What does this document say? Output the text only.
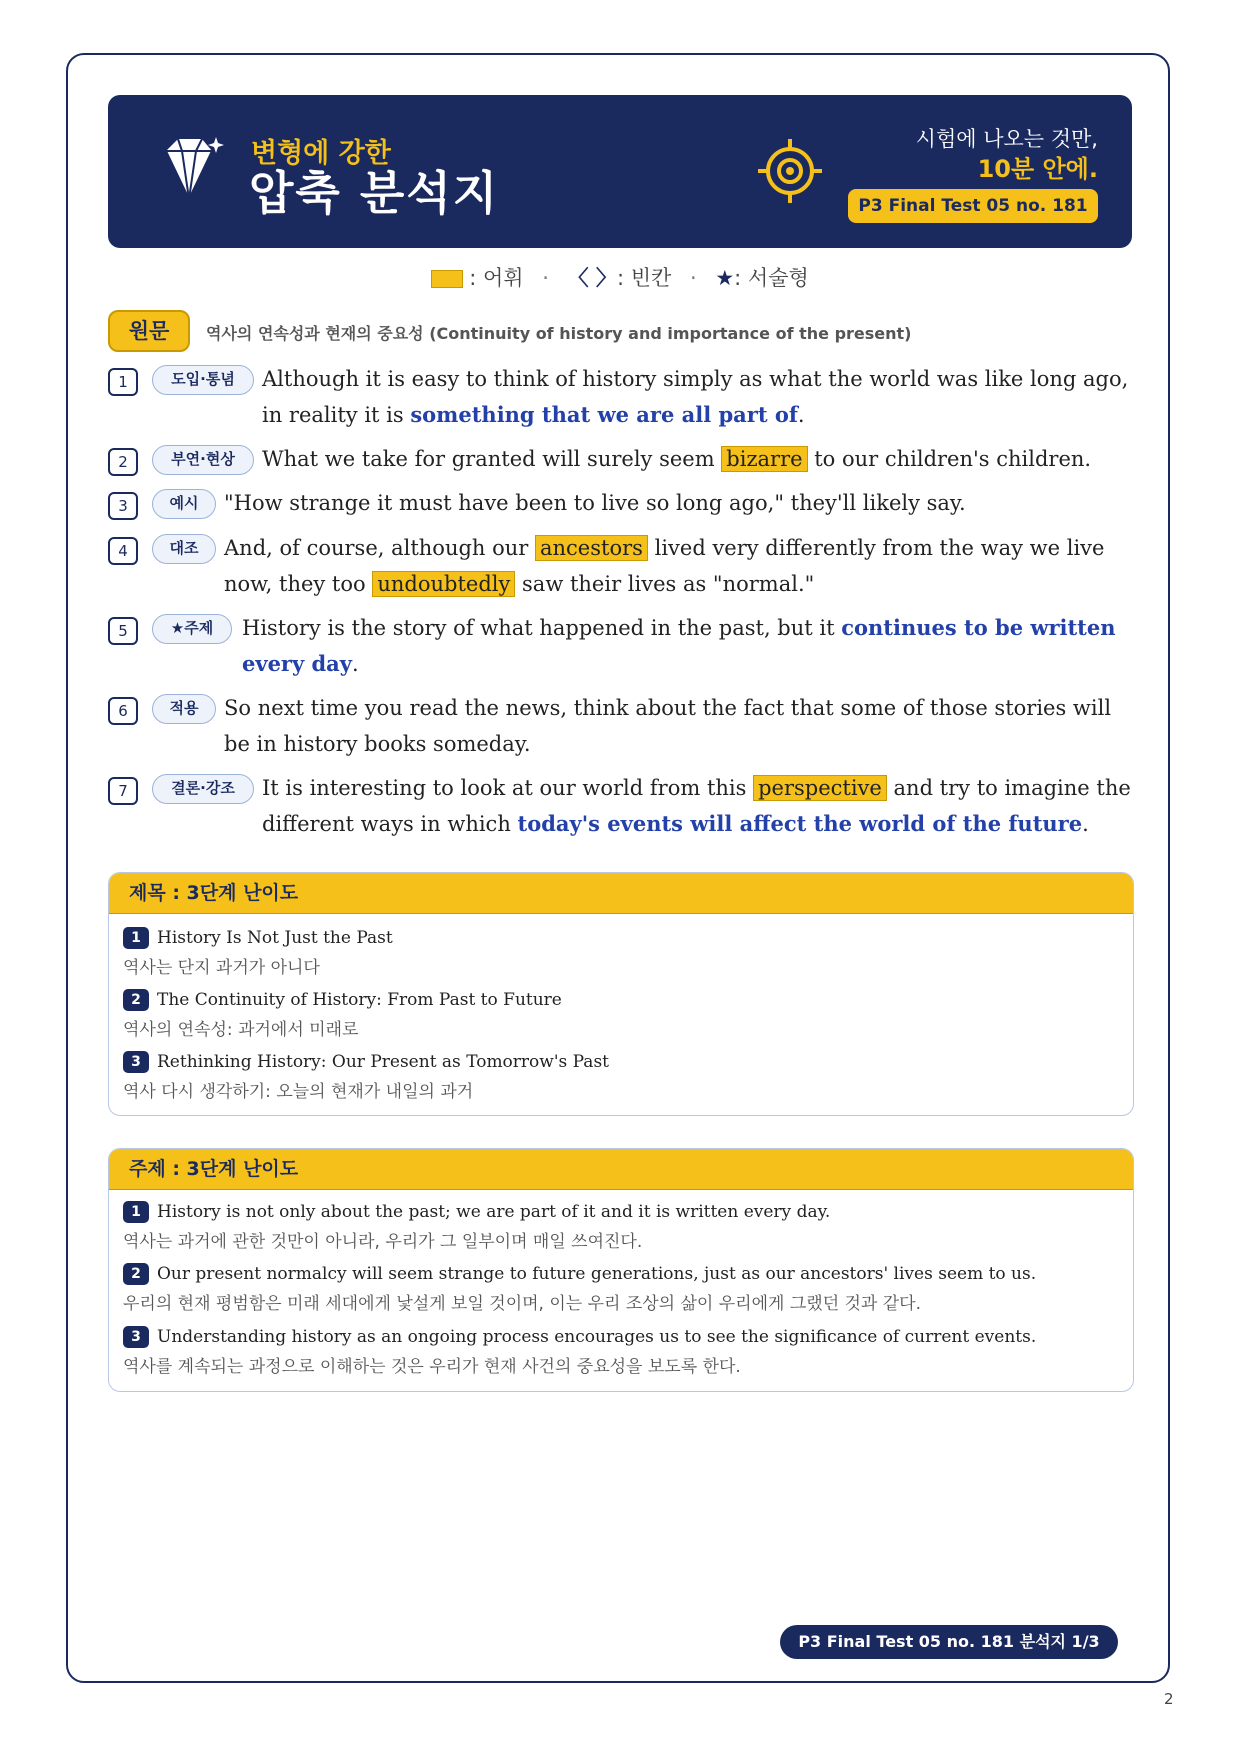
변형에 강한
압축 분석지
시험에 나오는 것만,
10분 안에.
P3 Final Test 05 no. 181
: 어휘 · 〈 〉: 빈칸 · ★: 서술형
원문	역사의 연속성과 현재의 중요성 (Continuity of history and importance of the present)
1	도입·통념	Although it is easy to think of history simply as what the world was like long ago, in reality it is something that we are all part of.
2	부연·현상	What we take for granted will surely seem bizarre to our children's children.
3	예시	"How strange it must have been to live so long ago," they'll likely say.
4	대조	And, of course, although our ancestors lived very differently from the way we live now, they too undoubtedly saw their lives as "normal."
5	★주제	History is the story of what happened in the past, but it continues to be written every day.
6	적용	So next time you read the news, think about the fact that some of those stories will be in history books someday.
7	결론·강조	It is interesting to look at our world from this perspective and try to imagine the different ways in which today's events will affect the world of the future.
제목 : 3단계 난이도
1 History Is Not Just the Past
역사는 단지 과거가 아니다
2 The Continuity of History: From Past to Future
역사의 연속성: 과거에서 미래로
3 Rethinking History: Our Present as Tomorrow's Past
역사 다시 생각하기: 오늘의 현재가 내일의 과거
주제 : 3단계 난이도
1 History is not only about the past; we are part of it and it is written every day.
역사는 과거에 관한 것만이 아니라, 우리가 그 일부이며 매일 쓰여진다.
2 Our present normalcy will seem strange to future generations, just as our ancestors' lives seem to us.
우리의 현재 평범함은 미래 세대에게 낯설게 보일 것이며, 이는 우리 조상의 삶이 우리에게 그랬던 것과 같다.
3 Understanding history as an ongoing process encourages us to see the significance of current events.
역사를 계속되는 과정으로 이해하는 것은 우리가 현재 사건의 중요성을 보도록 한다.
P3 Final Test 05 no. 181 분석지 1/3
2
